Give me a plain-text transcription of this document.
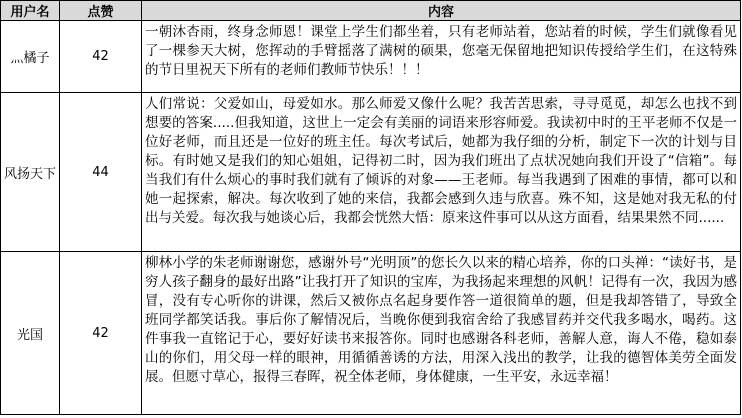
用户名	点赞	内容
灬橘子	42	一朝沐杏雨，终身念师恩！课堂上学生们都坐着，只有老师站着，您站着的时候，学生们就像看见了一棵参天大树，您挥动的手臂摇落了满树的硕果，您毫无保留地把知识传授给学生们，在这特殊的节日里祝天下所有的老师们教师节快乐！！！
风扬天下	44	人们常说：父爱如山，母爱如水。那么师爱又像什么呢？我苦苦思索，寻寻觅觅，却怎么也找不到想要的答案.....但我知道，这世上一定会有美丽的词语来形容师爱。我读初中时的王平老师不仅是一位好老师，而且还是一位好的班主任。每次考试后，她都为我仔细的分析，制定下一次的计划与目标。有时她又是我们的知心姐姐，记得初二时，因为我们班出了点状况她向我们开设了“信箱”。每当我们有什么烦心的事时我们就有了倾诉的对象——王老师。每当我遇到了困难的事情，都可以和她一起探索，解决。每次收到了她的来信，我都会感到久违与欣喜。殊不知，这是她对我无私的付出与关爱。每次我与她谈心后，我都会恍然大悟：原来这件事可以从这方面看，结果果然不同......
光国	42	柳林小学的朱老师谢谢您，感谢外号“光明顶”的您长久以来的精心培养，你的口头禅：“读好书，是穷人孩子翻身的最好出路”让我打开了知识的宝库，为我扬起来理想的风帆！记得有一次，我因为感冒，没有专心听你的讲课，然后又被你点名起身要作答一道很简单的题，但是我却答错了，导致全班同学都笑话我。事后你了解情况后，当晚你便到我宿舍给了我感冒药并交代我多喝水，喝药。这件事我一直铭记于心，要好好读书来报答你。同时也感谢各科老师，善解人意，诲人不倦，稳如泰山的你们，用父母一样的眼神，用循循善诱的方法，用深入浅出的教学，让我的德智体美劳全面发展。但愿寸草心，报得三春晖，祝全体老师，身体健康，一生平安，永远幸福！
